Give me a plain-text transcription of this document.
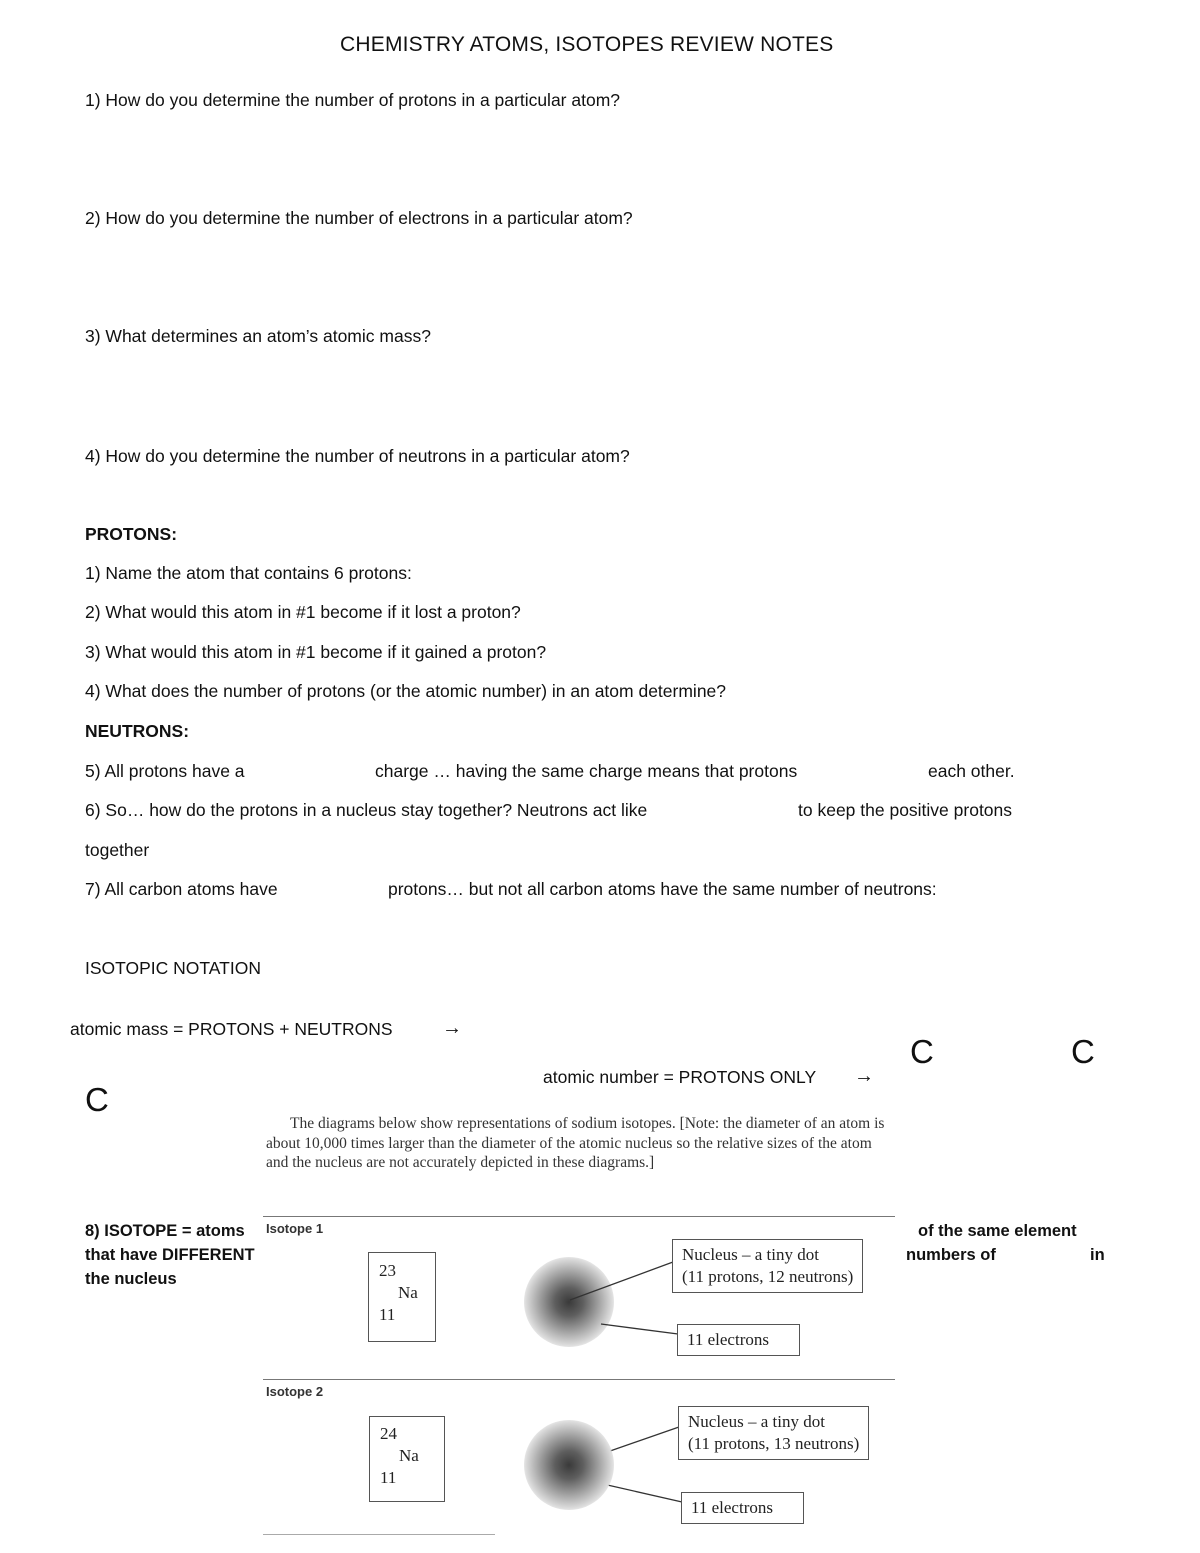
CHEMISTRY ATOMS, ISOTOPES REVIEW NOTES
1) How do you determine the number of protons in a particular atom?
2) How do you determine the number of electrons in a particular atom?
3) What determines an atom’s atomic mass?
4) How do you determine the number of neutrons in a particular atom?
PROTONS:
1) Name the atom that contains 6 protons:
2) What would this atom in #1 become if it lost a proton?
3) What would this atom in #1 become if it gained a proton?
4) What does the number of protons (or the atomic number) in an atom determine?
NEUTRONS:
5) All protons have a	charge … having the same charge means that protons	each other.
6) So… how do the protons in a nucleus stay together? Neutrons act like	to keep the positive protons
together
7) All carbon atoms have	protons… but not all carbon atoms have the same number of neutrons:
ISOTOPIC NOTATION
atomic mass = PROTONS + NEUTRONS →
atomic number = PROTONS ONLY →
C	C
C
8) ISOTOPE = atoms
that have DIFFERENT
the nucleus
of the same element
numbers of	in
The diagrams below show representations of sodium isotopes. [Note: the diameter of an atom is about 10,000 times larger than the diameter of the atomic nucleus so the relative sizes of the atom and the nucleus are not accurately depicted in these diagrams.]
Isotope 1
23
Na
11
Nucleus – a tiny dot
(11 protons, 12 neutrons)
11 electrons
Isotope 2
24
Na
11
Nucleus – a tiny dot
(11 protons, 13 neutrons)
11 electrons
